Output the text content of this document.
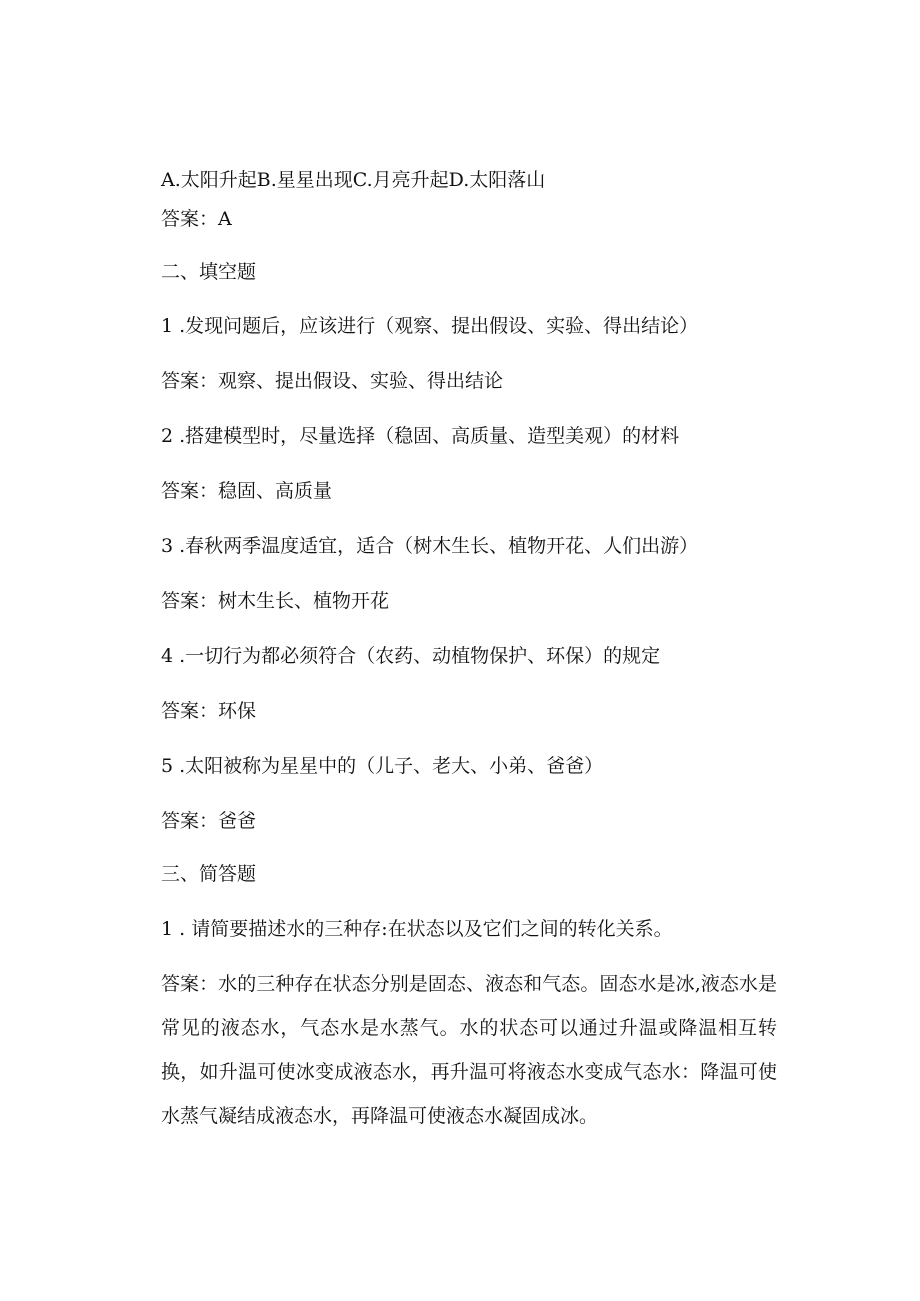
A.太阳升起B.星星出现C.月亮升起D.太阳落山
答案：A
二、填空题
1 .发现问题后，应该进行（观察、提出假设、实验、得出结论）
答案：观察、提出假设、实验、得出结论
2 .搭建模型时，尽量选择（稳固、高质量、造型美观）的材料
答案：稳固、高质量
3 .春秋两季温度适宜，适合（树木生长、植物开花、人们出游）
答案：树木生长、植物开花
4 .一切行为都必须符合（农药、动植物保护、环保）的规定
答案：环保
5 .太阳被称为星星中的（儿子、老大、小弟、爸爸）
答案：爸爸
三、简答题
1 . 请简要描述水的三种存:在状态以及它们之间的转化关系。
答案：水的三种存在状态分别是固态、液态和气态。固态水是冰,液态水是常见的液态水，气态水是水蒸气。水的状态可以通过升温或降温相互转换，如升温可使冰变成液态水，再升温可将液态水变成气态水：降温可使水蒸气凝结成液态水，再降温可使液态水凝固成冰。
